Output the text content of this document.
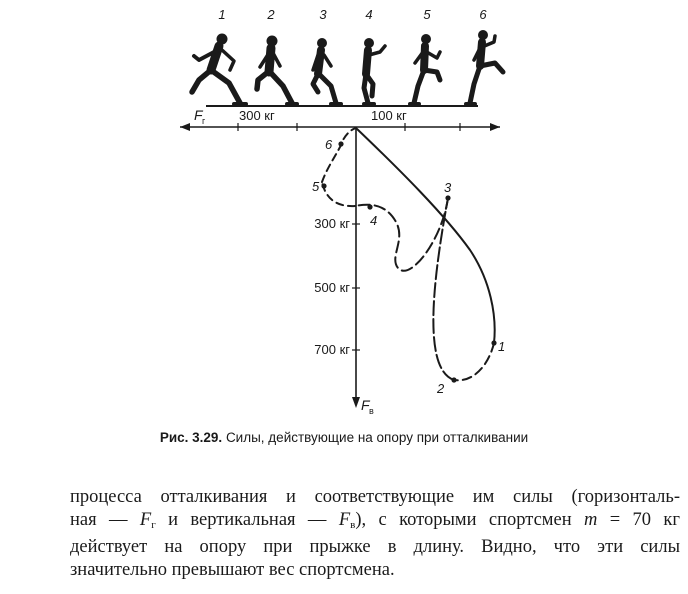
1	2	3	4	5	6
F г	300 кг	100 кг
300 кг
500 кг
700 кг
F в
1
2
3
4
5
6
Рис. 3.29. Силы, действующие на опору при отталкивании
процесса отталкивания и соответствующие им силы (горизонталь-
ная — $F_г$ и вертикальная — $F_в$), с которыми спортсмен m = 70 кг
действует на опору при прыжке в длину. Видно, что эти силы
значительно превышают вес спортсмена.
